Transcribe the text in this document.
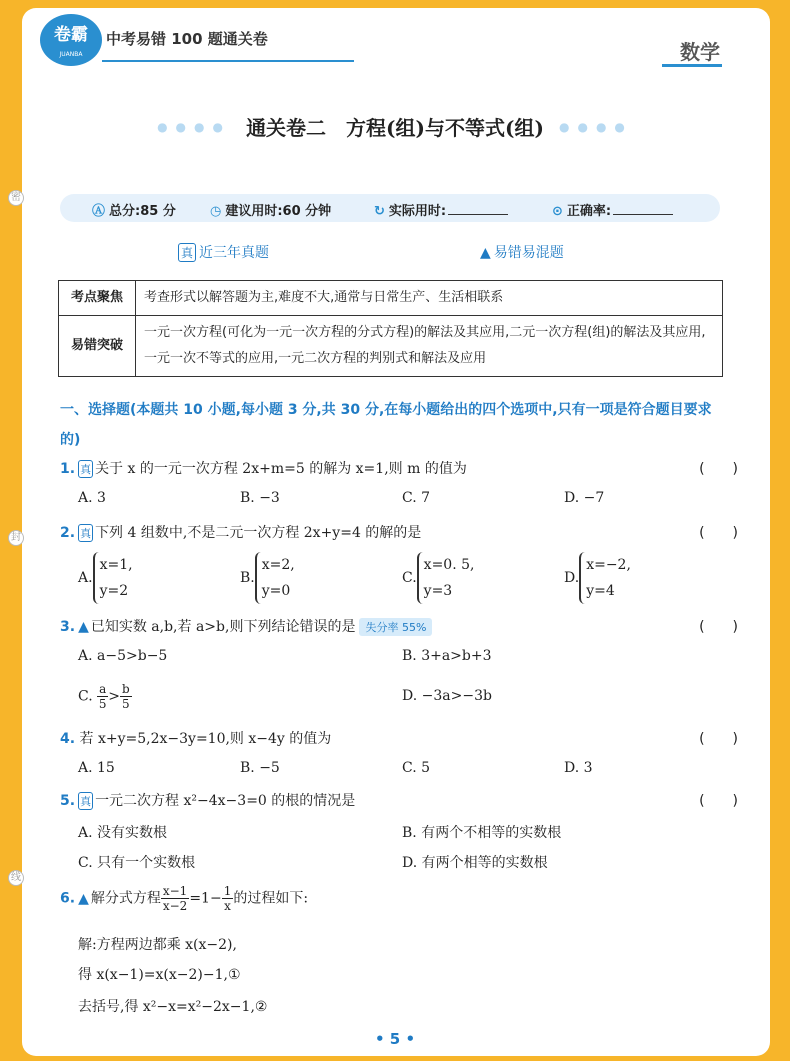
密
封
线
卷霸
JUANBA
中考易错 100 题通关卷
数学
●●●● 通关卷二　方程(组)与不等式(组) ●●●●
Ⓐ 总分:85 分	◷ 建议用时:60 分钟	↻ 实际用时:	⊙ 正确率:
真 近三年真题	▲ 易错易混题
考点聚焦	考查形式以解答题为主,难度不大,通常与日常生产、生活相联系
易错突破	一元一次方程(可化为一元一次方程的分式方程)的解法及其应用,二元一次方程(组)的解法及其应用,一元一次不等式的应用,一元二次方程的判别式和解法及应用
一、选择题(本题共 10 小题,每小题 3 分,共 30 分,在每小题给出的四个选项中,只有一项是符合题目要求的)
1. 真 关于 x 的一元一次方程 2x+m=5 的解为 x=1,则 m 的值为	(　　)
A. 3	B. −3	C. 7	D. −7
2. 真 下列 4 组数中,不是二元一次方程 2x+y=4 的解的是	(　　)
A.x=1,
y=2
B.x=2,
y=0
C.x=0. 5,
y=3
D.x=−2,
y=4
3. ▲ 已知实数 a,b,若 a>b,则下列结论错误的是 失分率 55%	(　　)
A. a−5>b−5	B. 3+a>b+3
C. $\frac{a}{5}> \frac{b}{5}$	D. −3a>−3b
4. 若 x+y=5,2x−3y=10,则 x−4y 的值为	(　　)
A. 15	B. −5	C. 5	D. 3
5. 真 一元二次方程 x²−4x−3=0 的根的情况是	(　　)
A. 没有实数根	B. 有两个不相等的实数根
C. 只有一个实数根	D. 有两个相等的实数根
6. ▲ 解分式方程 $\frac{x-1}{x-2}=1- \frac{1}{x}$的过程如下:
解:方程两边都乘 x(x−2),
得 x(x−1)=x(x−2)−1,①
去括号,得 x²−x=x²−2x−1,②
• 5 •
